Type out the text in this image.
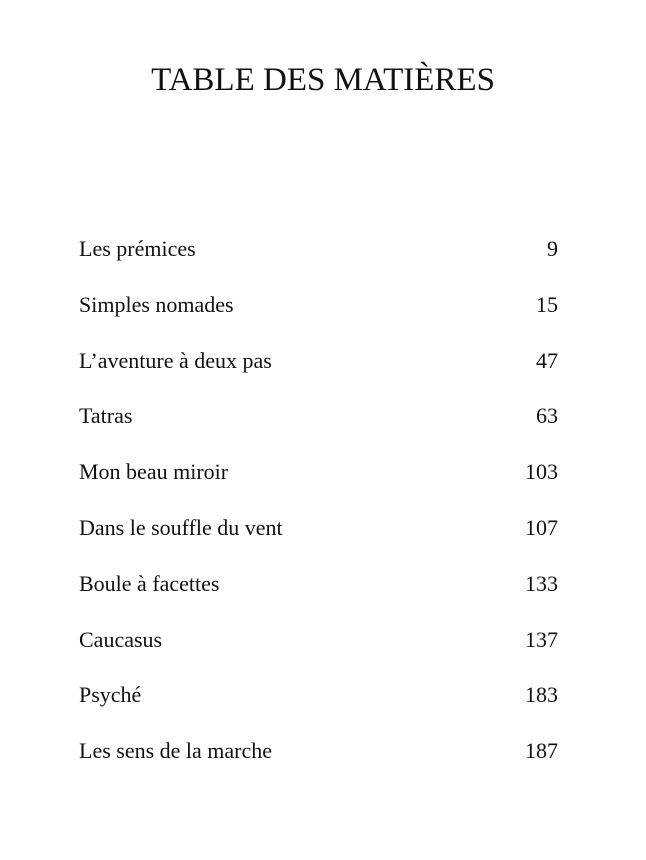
TABLE DES MATIÈRES
Les prémices	9
Simples nomades	15
L’aventure à deux pas	47
Tatras	63
Mon beau miroir	103
Dans le souffle du vent	107
Boule à facettes	133
Caucasus	137
Psyché	183
Les sens de la marche	187
